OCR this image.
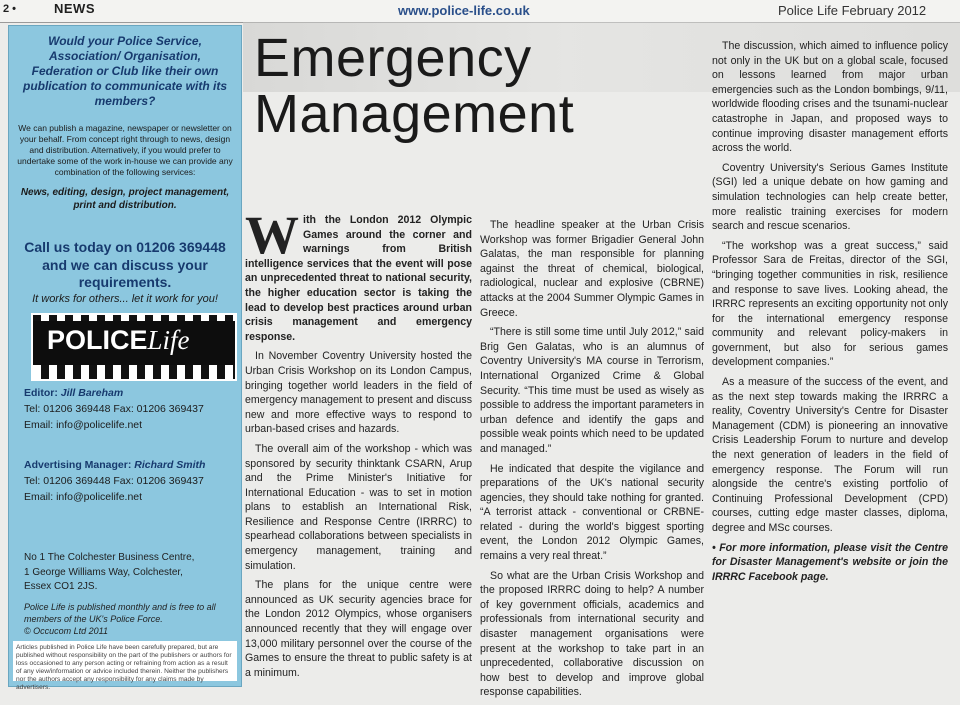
2 •	NEWS	www.police-life.co.uk	Police Life February 2012
Would your Police Service, Association/ Organisation, Federation or Club like their own publication to communicate with its members?
We can publish a magazine, newspaper or newsletter on your behalf. From concept right through to news, design and distribution. Alternatively, if you would prefer to undertake some of the work in-house we can provide any combination of the following services:
News, editing, design, project management, print and distribution.
Call us today on 01206 369448 and we can discuss your requirements.
It works for others... let it work for you!
POLICELife
Editor: Jill Bareham
Tel: 01206 369448 Fax: 01206 369437
Email: info@policelife.net
Advertising Manager: Richard Smith
Tel: 01206 369448 Fax: 01206 369437
Email: info@policelife.net
No 1 The Colchester Business Centre,
1 George Williams Way, Colchester,
Essex CO1 2JS.
Police Life is published monthly and is free to all members of the UK's Police Force.
© Occucom Ltd 2011
Articles published in Police Life have been carefully prepared, but are published without responsibility on the part of the publishers or authors for loss occasioned to any person acting or refraining from action as a result of any view/information or advice included therein. Neither the publishers nor the authors accept any responsibility for any claims made by advertisers.
Emergency
Management

With the London 2012 Olympic Games around the corner and warnings from British intelligence services that the event will pose an unprecedented threat to national security, the higher education sector is taking the lead to develop best practices around urban crisis management and emergency response.

In November Coventry University hosted the Urban Crisis Workshop on its London Campus, bringing together world leaders in the field of emergency management to present and discuss new and more effective ways to respond to urban-based crises and hazards.

The overall aim of the workshop - which was sponsored by security thinktank CSARN, Arup and the Prime Minister's Initiative for International Education - was to set in motion plans to establish an International Risk, Resilience and Response Centre (IRRRC) to spearhead collaborations between specialists in emergency management, training and simulation.

The plans for the unique centre were announced as UK security agencies brace for the London 2012 Olympics, whose organisers announced recently that they will engage over 13,000 military personnel over the course of the Games to ensure the threat to public safety is at a minimum.

The headline speaker at the Urban Crisis Workshop was former Brigadier General John Galatas, the man responsible for planning against the threat of chemical, biological, radiological, nuclear and explosive (CBRNE) attacks at the 2004 Summer Olympic Games in Greece.

“There is still some time until July 2012,” said Brig Gen Galatas, who is an alumnus of Coventry University's MA course in Terrorism, International Organized Crime & Global Security. “This time must be used as wisely as possible to address the important parameters in urban defence and identify the gaps and possible weak points which need to be updated and managed.”

He indicated that despite the vigilance and preparations of the UK's national security agencies, they should take nothing for granted. “A terrorist attack - conventional or CRBNE-related - during the world's biggest sporting event, the London 2012 Olympic Games, remains a very real threat.”

So what are the Urban Crisis Workshop and the proposed IRRRC doing to help? A number of key government officials, academics and professionals from international security and disaster management organisations were present at the workshop to take part in an unprecedented, collaborative discussion on how best to develop and improve global response capabilities.

The discussion, which aimed to influence policy not only in the UK but on a global scale, focused on lessons learned from major urban emergencies such as the London bombings, 9/11, worldwide flooding crises and the tsunami-nuclear catastrophe in Japan, and proposed ways to continue improving disaster management efforts across the world.

Coventry University's Serious Games Institute (SGI) led a unique debate on how gaming and simulation technologies can help create better, more realistic training exercises for modern search and rescue scenarios.

“The workshop was a great success,” said Professor Sara de Freitas, director of the SGI, “bringing together communities in risk, resilience and response to save lives. Looking ahead, the IRRRC represents an exciting opportunity not only for the international emergency response community and relevant policy-makers in government, but also for serious games development companies.”

As a measure of the success of the event, and as the next step towards making the IRRRC a reality, Coventry University's Centre for Disaster Management (CDM) is pioneering an innovative Crisis Leadership Forum to nurture and develop the next generation of leaders in the field of emergency response. The Forum will run alongside the centre's existing portfolio of Continuing Professional Development (CPD) courses, cutting edge master classes, diploma, degree and MSc courses.

• For more information, please visit the Centre for Disaster Management's website or join the IRRRC Facebook page.
